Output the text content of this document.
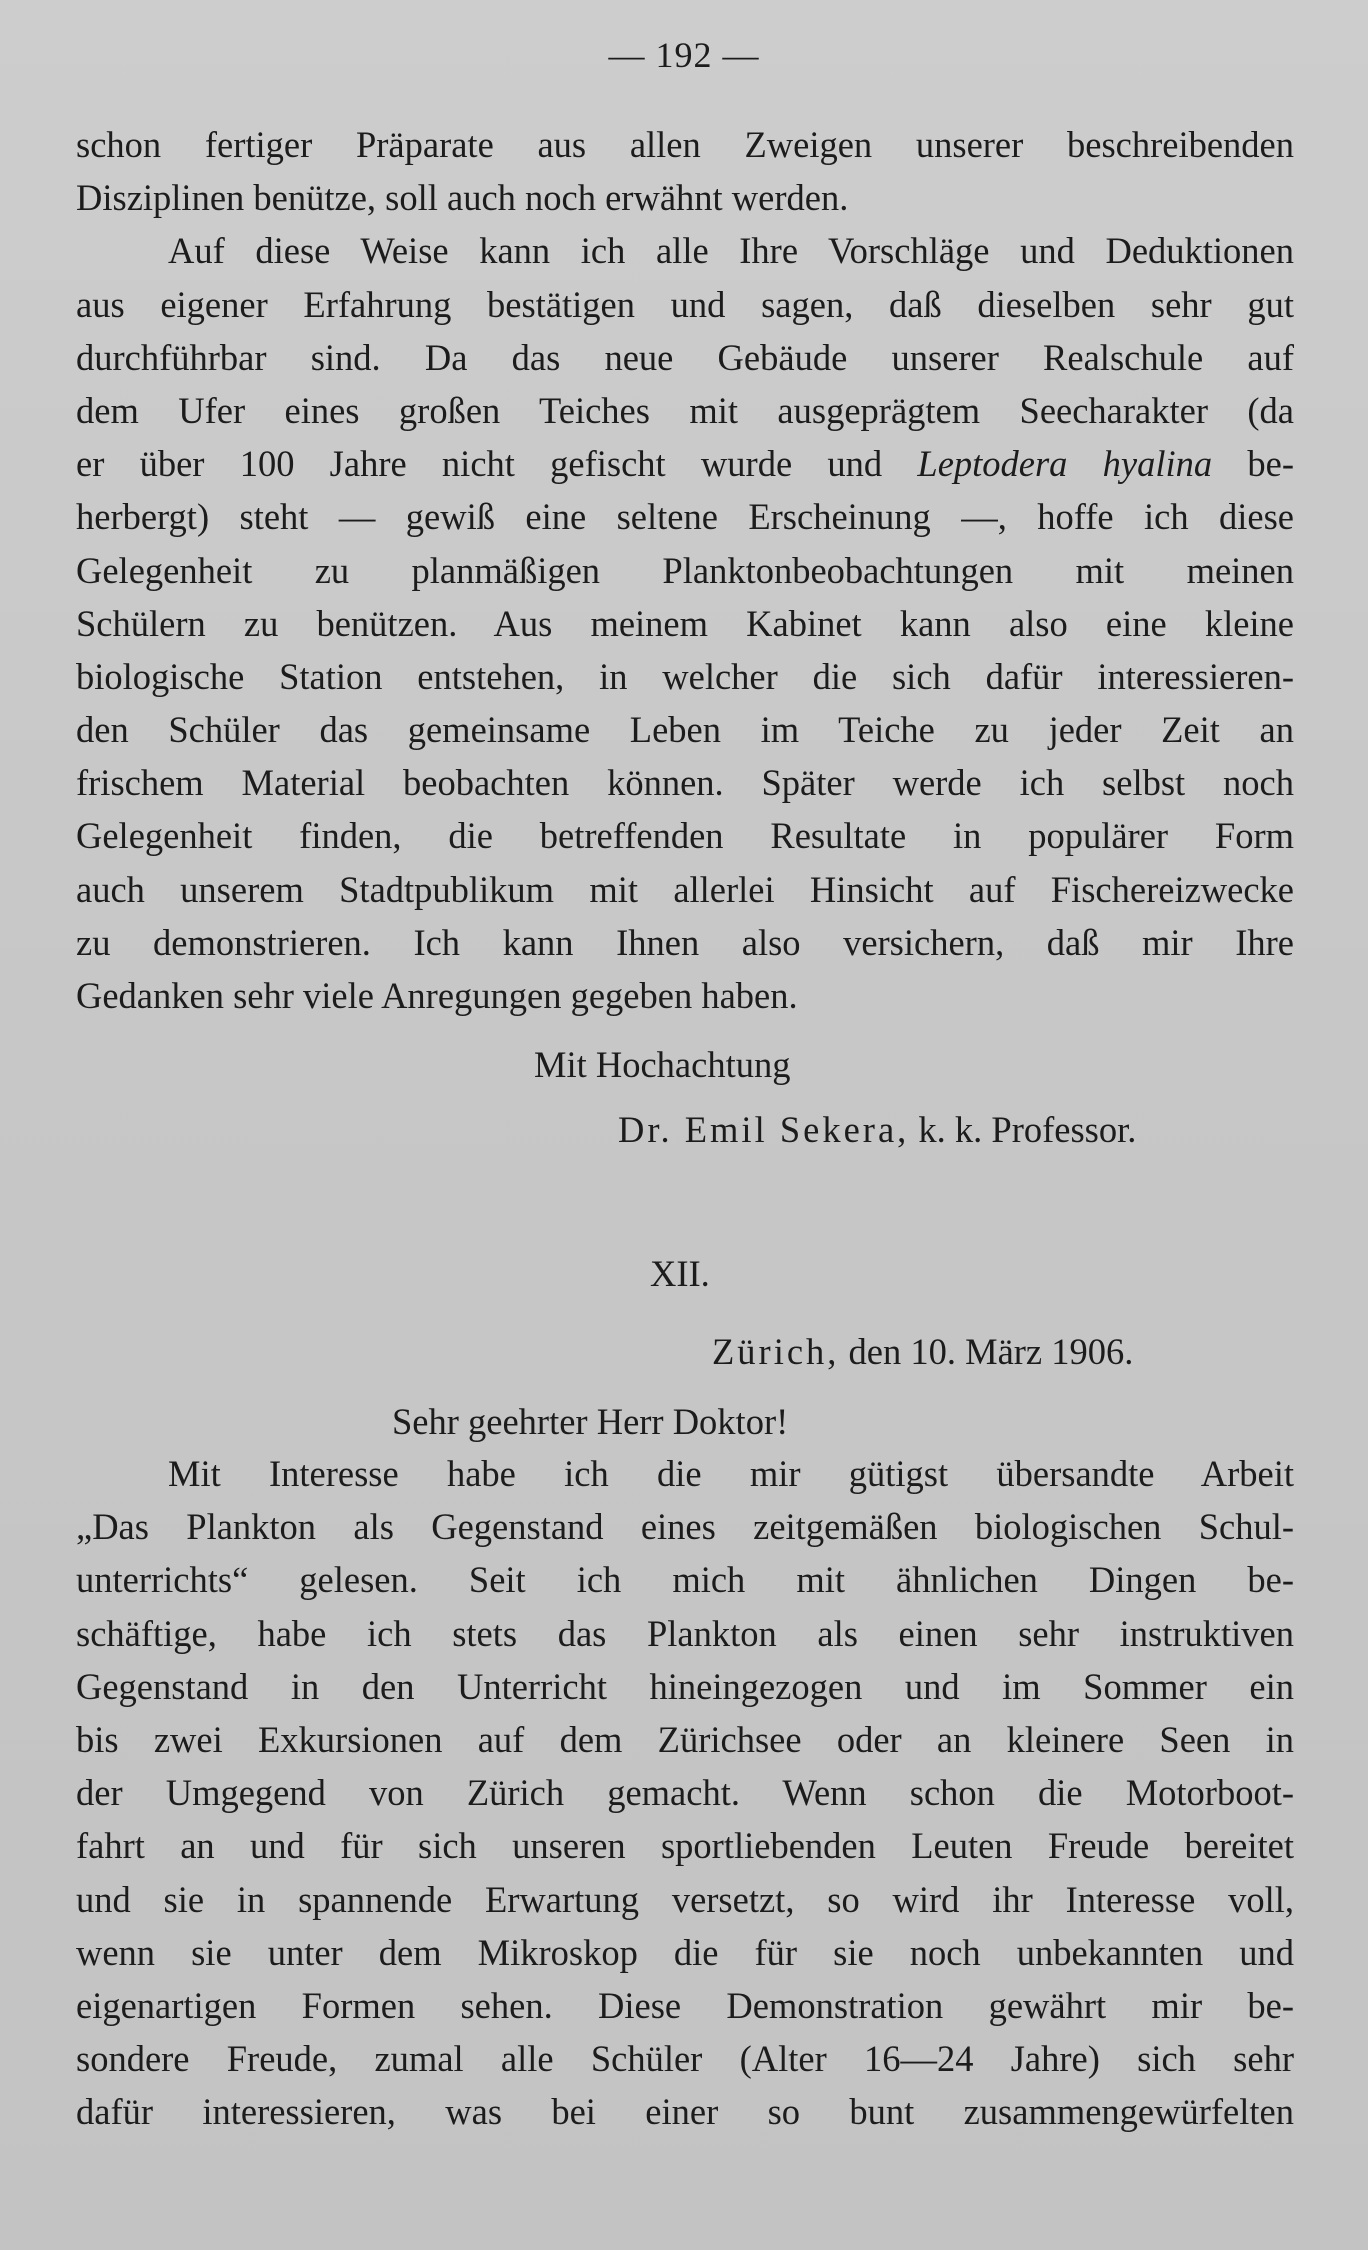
— 192 —
schon fertiger Präparate aus allen Zweigen unserer beschreibenden
Disziplinen benütze, soll auch noch erwähnt werden.
Auf diese Weise kann ich alle Ihre Vorschläge und Deduktionen
aus eigener Erfahrung bestätigen und sagen, daß dieselben sehr gut
durchführbar sind. Da das neue Gebäude unserer Realschule auf
dem Ufer eines großen Teiches mit ausgeprägtem Seecharakter (da
er über 100 Jahre nicht gefischt wurde und Leptodera hyalina be-
herbergt) steht — gewiß eine seltene Erscheinung —, hoffe ich diese
Gelegenheit zu planmäßigen Planktonbeobachtungen mit meinen
Schülern zu benützen. Aus meinem Kabinet kann also eine kleine
biologische Station entstehen, in welcher die sich dafür interessieren-
den Schüler das gemeinsame Leben im Teiche zu jeder Zeit an
frischem Material beobachten können. Später werde ich selbst noch
Gelegenheit finden, die betreffenden Resultate in populärer Form
auch unserem Stadtpublikum mit allerlei Hinsicht auf Fischereizwecke
zu demonstrieren. Ich kann Ihnen also versichern, daß mir Ihre
Gedanken sehr viele Anregungen gegeben haben.
Mit Hochachtung
Dr. Emil Sekera, k. k. Professor.
XII.
Zürich, den 10. März 1906.
Sehr geehrter Herr Doktor!
Mit Interesse habe ich die mir gütigst übersandte Arbeit
„Das Plankton als Gegenstand eines zeitgemäßen biologischen Schul-
unterrichts“ gelesen. Seit ich mich mit ähnlichen Dingen be-
schäftige, habe ich stets das Plankton als einen sehr instruktiven
Gegenstand in den Unterricht hineingezogen und im Sommer ein
bis zwei Exkursionen auf dem Zürichsee oder an kleinere Seen in
der Umgegend von Zürich gemacht. Wenn schon die Motorboot-
fahrt an und für sich unseren sportliebenden Leuten Freude bereitet
und sie in spannende Erwartung versetzt, so wird ihr Interesse voll,
wenn sie unter dem Mikroskop die für sie noch unbekannten und
eigenartigen Formen sehen. Diese Demonstration gewährt mir be-
sondere Freude, zumal alle Schüler (Alter 16—24 Jahre) sich sehr
dafür interessieren, was bei einer so bunt zusammengewürfelten
